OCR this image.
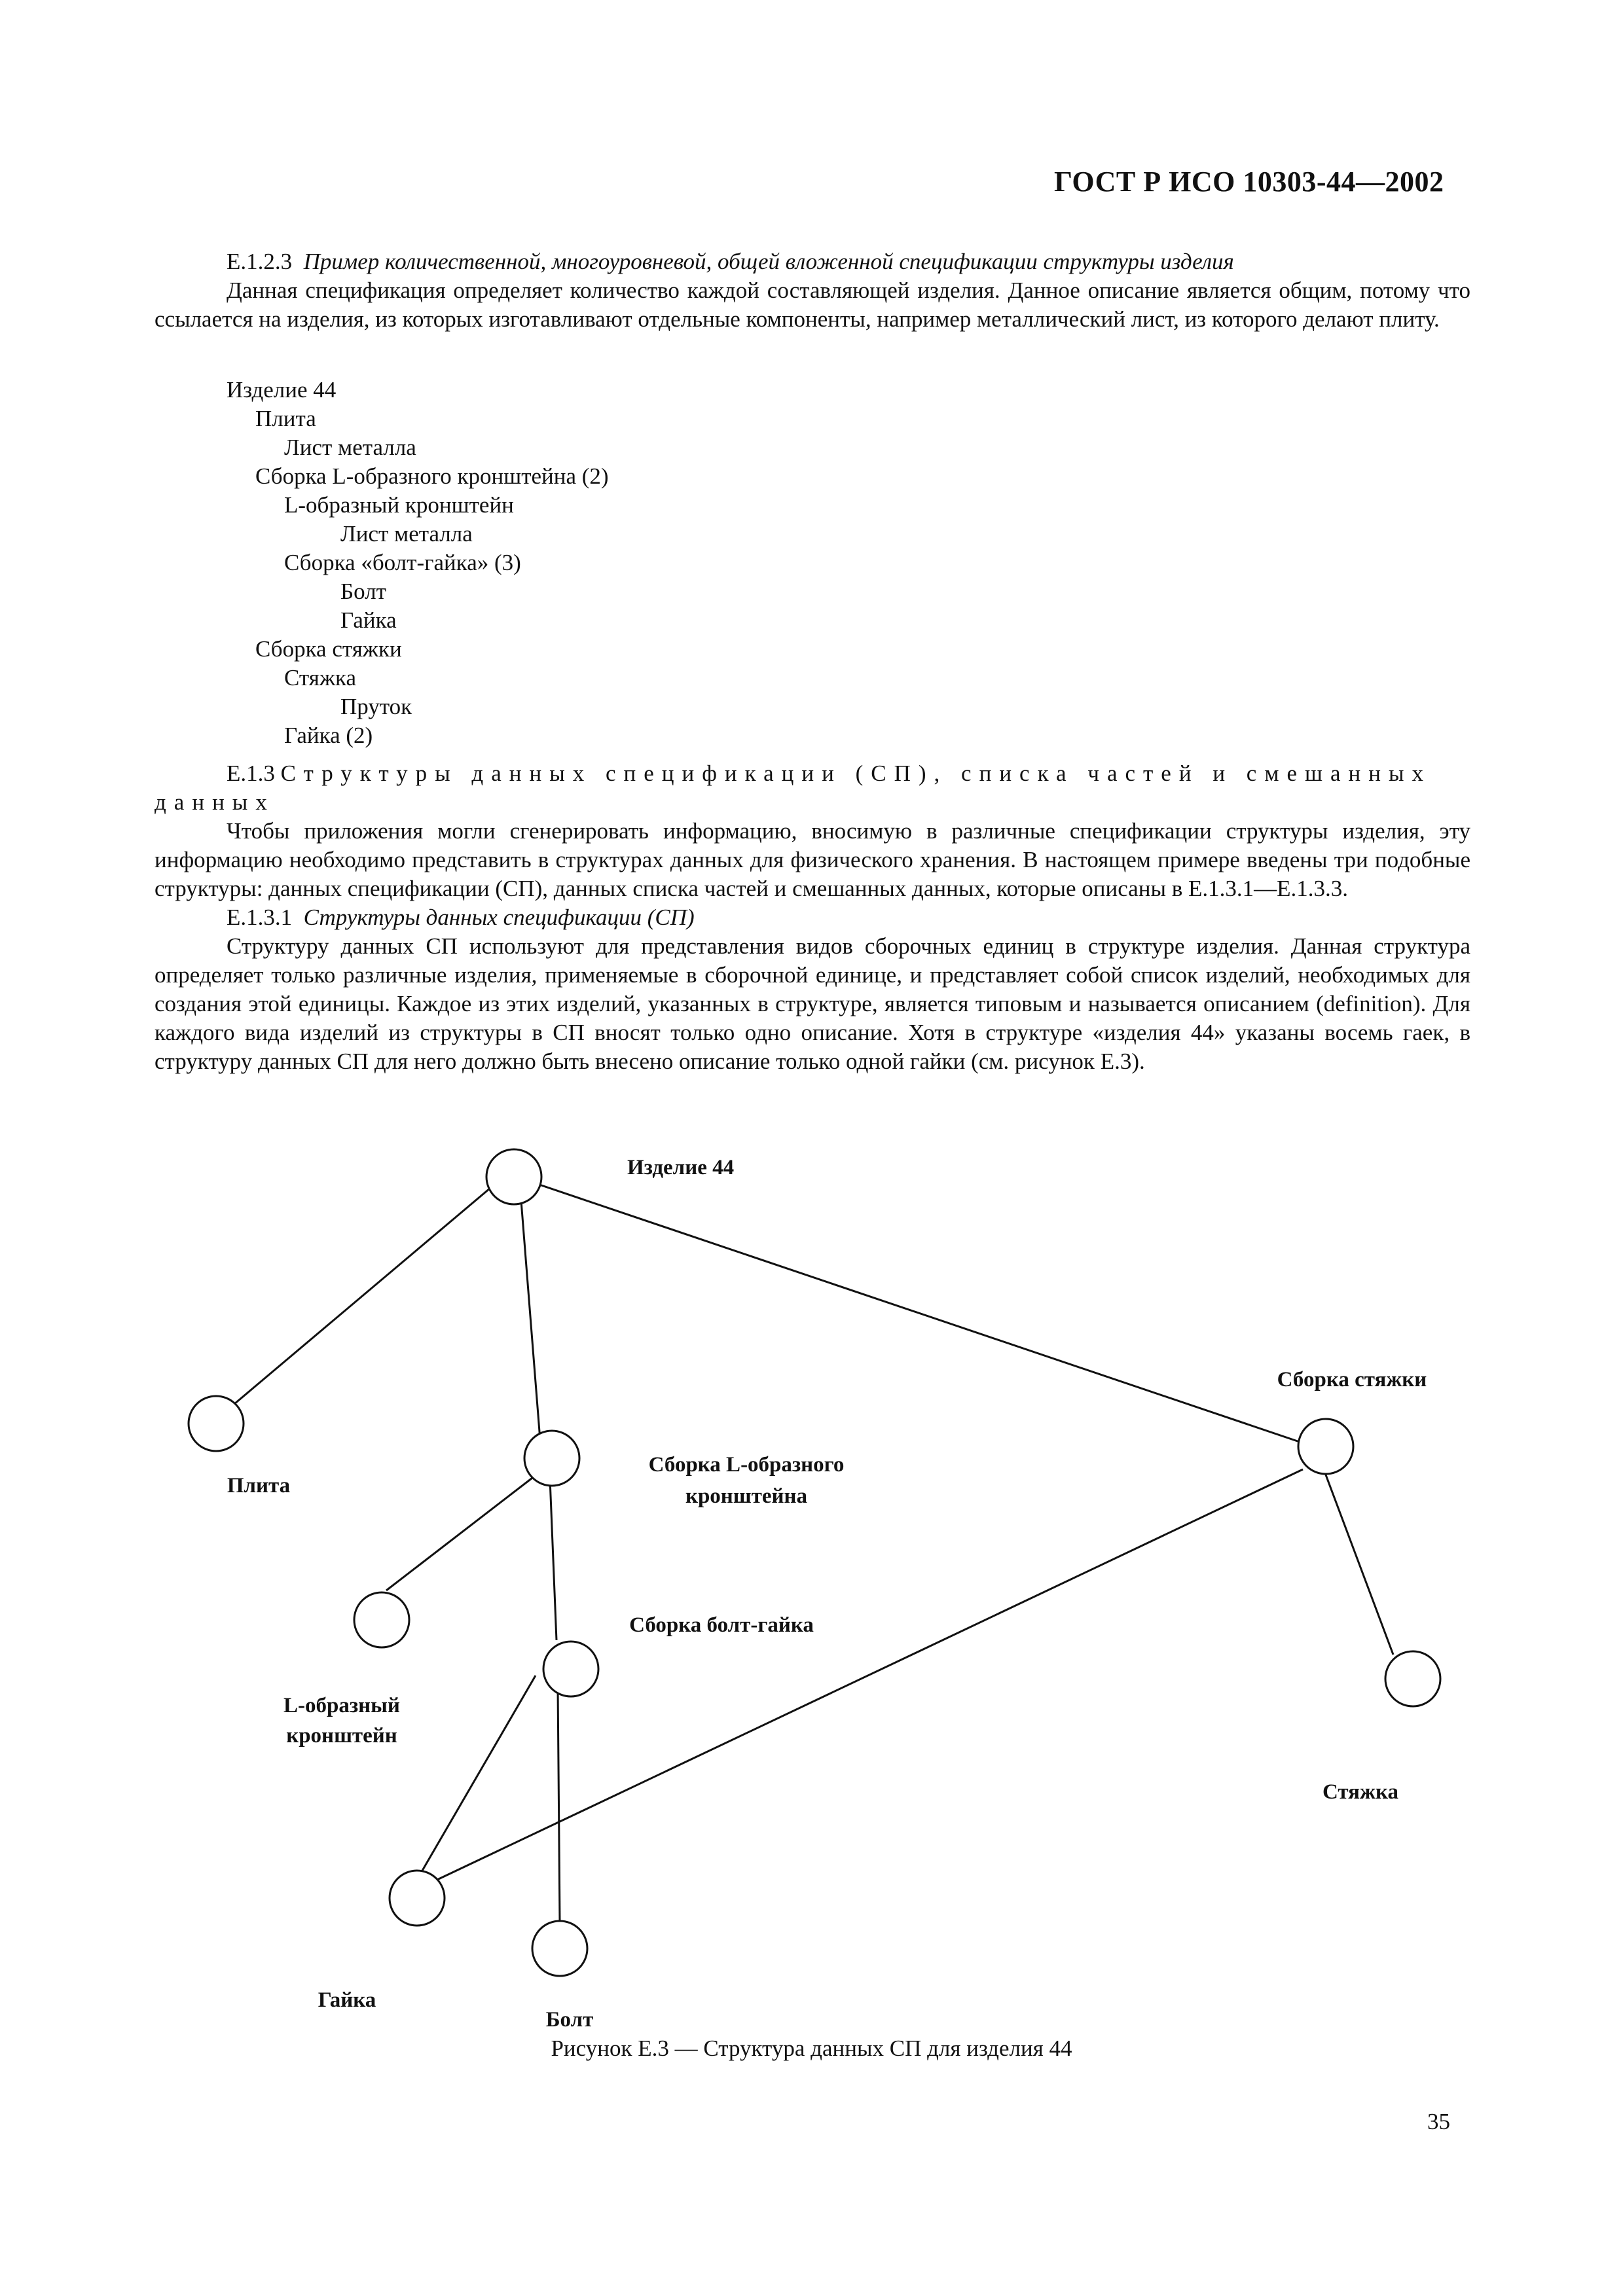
ГОСТ Р ИСО 10303-44—2002

Е.1.2.3 Пример количественной, многоуровневой, общей вложенной спецификации структуры изделия

Данная спецификация определяет количество каждой составляющей изделия. Данное описание является общим, потому что ссылается на изделия, из которых изготавливают отдельные компоненты, например металлический лист, из которого делают плиту.

Изделие 44
Плита
Лист металла
Сборка L-образного кронштейна (2)
L-образный кронштейн
Лист металла
Сборка «болт-гайка» (3)
Болт
Гайка
Сборка стяжки
Стяжка
Пруток
Гайка (2)

Е.1.3 Структуры данных спецификации (СП), списка частей и смешанных

данных

Чтобы приложения могли сгенерировать информацию, вносимую в различные спецификации структуры изделия, эту информацию необходимо представить в структурах данных для физического хранения. В настоящем примере введены три подобные структуры: данных спецификации (СП), данных списка частей и смешанных данных, которые описаны в Е.1.3.1—Е.1.3.3.

Е.1.3.1 Структуры данных спецификации (СП)

Структуру данных СП используют для представления видов сборочных единиц в структуре изделия. Данная структура определяет только различные изделия, применяемые в сборочной единице, и представляет собой список изделий, необходимых для создания этой единицы. Каждое из этих изделий, указанных в структуре, является типовым и называется описанием (definition). Для каждого вида изделий из структуры в СП вносят только одно описание. Хотя в структуре «изделия 44» указаны восемь гаек, в структуру данных СП для него должно быть внесено описание только одной гайки (см. рисунок Е.3).

Изделие 44
Плита
Сборка L-образного
кронштейна
Сборка стяжки
L-образный
кронштейн
Сборка болт-гайка
Стяжка
Гайка
Болт
Рисунок Е.3 — Структура данных СП для изделия 44
35
